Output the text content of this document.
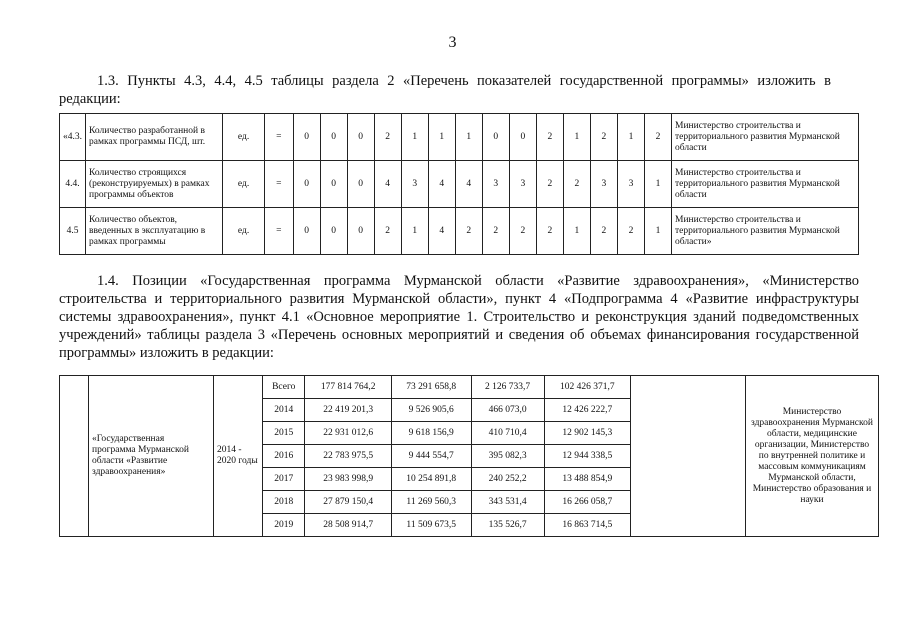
3
1.3. Пункты 4.3, 4.4, 4.5 таблицы раздела 2 «Перечень показателей государственной программы» изложить в редакции:
«4.3.	Количество разработанной в рамках программы ПСД, шт.	ед.	=	0	0	0	2	1	1	1	0	0	2	1	2	1	2	Министерство строительства и территориального развития Мурманской области
4.4.	Количество строящихся (реконструируемых) в рамках программы объектов	ед.	=	0	0	0	4	3	4	4	3	3	2	2	3	3	1	Министерство строительства и территориального развития Мурманской области
4.5	Количество объектов, введенных в эксплуатацию в рамках программы	ед.	=	0	0	0	2	1	4	2	2	2	2	1	2	2	1	Министерство строительства и территориального развития Мурманской области»
1.4. Позиции «Государственная программа Мурманской области «Развитие здравоохранения», «Министерство строительства и территориального развития Мурманской области», пункт 4 «Подпрограмма 4 «Развитие инфраструктуры системы здравоохранения», пункт 4.1 «Основное мероприятие 1. Строительство и реконструкция зданий подведомственных учреждений» таблицы раздела 3 «Перечень основных мероприятий и сведения об объемах финансирования государственной программы» изложить в редакции:
	«Государственная программа Мурманской области «Развитие здравоохранения»	2014 - 2020 годы	Всего	177 814 764,2	73 291 658,8	2 126 733,7	102 426 371,7		Министерство здравоохранения Мурманской области, медицинские организации, Министерство по внутренней политике и массовым коммуникациям Мурманской области, Министерство образования и науки
			2014	22 419 201,3	9 526 905,6	466 073,0	12 426 222,7		
			2015	22 931 012,6	9 618 156,9	410 710,4	12 902 145,3		
			2016	22 783 975,5	9 444 554,7	395 082,3	12 944 338,5		
			2017	23 983 998,9	10 254 891,8	240 252,2	13 488 854,9		
			2018	27 879 150,4	11 269 560,3	343 531,4	16 266 058,7		
			2019	28 508 914,7	11 509 673,5	135 526,7	16 863 714,5		
